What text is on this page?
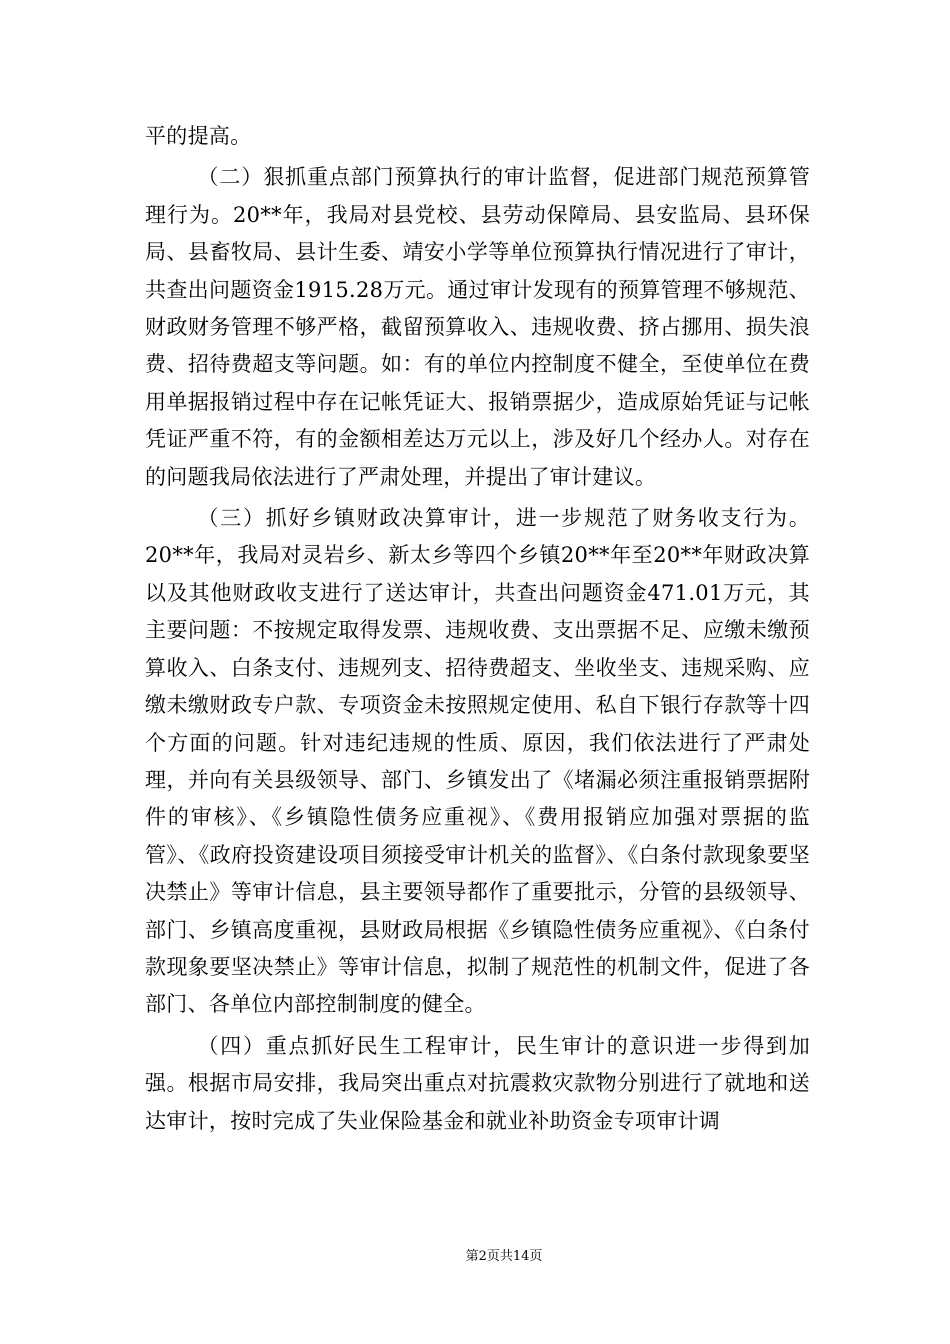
平的提高。

（二）狠抓重点部门预算执行的审计监督，促进部门规范预算管理行为。20**年，我局对县党校、县劳动保障局、县安监局、县环保局、县畜牧局、县计生委、靖安小学等单位预算执行情况进行了审计，共查出问题资金1915.28万元。通过审计发现有的预算管理不够规范、财政财务管理不够严格，截留预算收入、违规收费、挤占挪用、损失浪费、招待费超支等问题。如：有的单位内控制度不健全，至使单位在费用单据报销过程中存在记帐凭证大、报销票据少，造成原始凭证与记帐凭证严重不符，有的金额相差达万元以上，涉及好几个经办人。对存在的问题我局依法进行了严肃处理，并提出了审计建议。

（三）抓好乡镇财政决算审计，进一步规范了财务收支行为。20**年，我局对灵岩乡、新太乡等四个乡镇20**年至20**年财政决算以及其他财政收支进行了送达审计，共查出问题资金471.01万元，其主要问题：不按规定取得发票、违规收费、支出票据不足、应缴未缴预算收入、白条支付、违规列支、招待费超支、坐收坐支、违规采购、应缴未缴财政专户款、专项资金未按照规定使用、私自下银行存款等十四个方面的问题。针对违纪违规的性质、原因，我们依法进行了严肃处理，并向有关县级领导、部门、乡镇发出了《堵漏必须注重报销票据附件的审核》、《乡镇隐性债务应重视》、《费用报销应加强对票据的监管》、《政府投资建设项目须接受审计机关的监督》、《白条付款现象要坚决禁止》等审计信息，县主要领导都作了重要批示，分管的县级领导、部门、乡镇高度重视，县财政局根据《乡镇隐性债务应重视》、《白条付款现象要坚决禁止》等审计信息，拟制了规范性的机制文件，促进了各部门、各单位内部控制制度的健全。

（四）重点抓好民生工程审计，民生审计的意识进一步得到加强。根据市局安排，我局突出重点对抗震救灾款物分别进行了就地和送达审计，按时完成了失业保险基金和就业补助资金专项审计调

第2页共14页
